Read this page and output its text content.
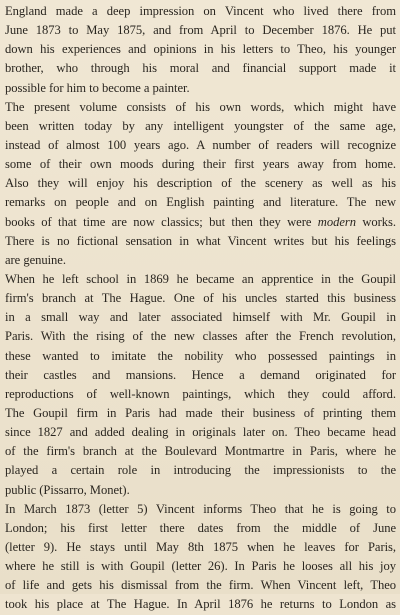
England made a deep impression on Vincent who lived there from
June 1873 to May 1875, and from April to December 1876. He put
down his experiences and opinions in his letters to Theo, his younger
brother, who through his moral and financial support made it
possible for him to become a painter.
The present volume consists of his own words, which might have
been written today by any intelligent youngster of the same age,
instead of almost 100 years ago. A number of readers will recognize
some of their own moods during their first years away from home.
Also they will enjoy his description of the scenery as well as his
remarks on people and on English painting and literature. The new
books of that time are now classics; but then they were modern works.
There is no fictional sensation in what Vincent writes but his feelings
are genuine.
When he left school in 1869 he became an apprentice in the Goupil
firm's branch at The Hague. One of his uncles started this business
in a small way and later associated himself with Mr. Goupil in
Paris. With the rising of the new classes after the French revolution,
these wanted to imitate the nobility who possessed paintings in
their castles and mansions. Hence a demand originated for
reproductions of well-known paintings, which they could afford.
The Goupil firm in Paris had made their business of printing them
since 1827 and added dealing in originals later on. Theo became head
of the firm's branch at the Boulevard Montmartre in Paris, where he
played a certain role in introducing the impressionists to the
public (Pissarro, Monet).
In March 1873 (letter 5) Vincent informs Theo that he is going to
London; his first letter there dates from the middle of June
(letter 9). He stays until May 8th 1875 when he leaves for Paris,
where he still is with Goupil (letter 26). In Paris he looses all his joy
of life and gets his dismissal from the firm. When Vincent left, Theo
took his place at The Hague. In April 1876 he returns to London as
